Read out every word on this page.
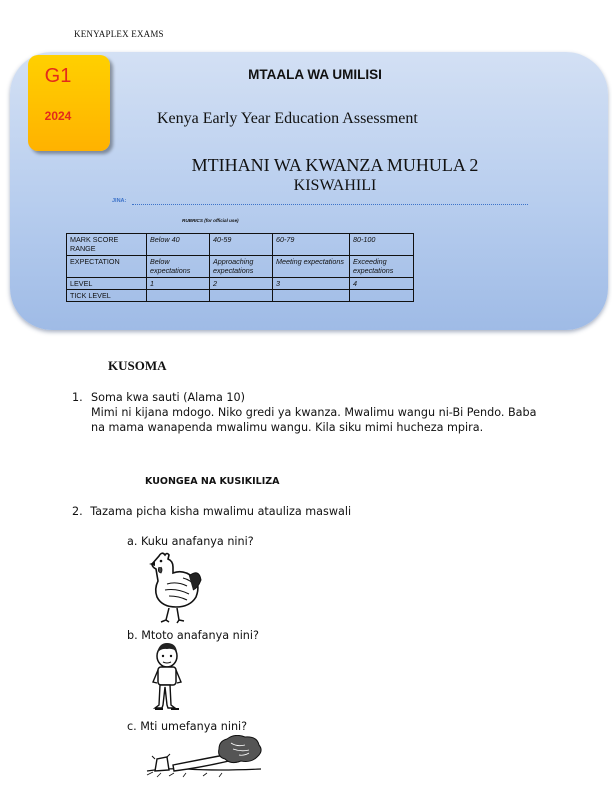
KENYAPLEX EXAMS
G1
2024
MTAALA WA UMILISI
Kenya Early Year Education Assessment
MTIHANI WA KWANZA MUHULA 2
KISWAHILI
JINA:
RUBRICS (for official use)
MARK SCORE RANGE	Below 40	40-59	60-79	80-100
EXPECTATION	Below expectations	Approaching expectations	Meeting expectations	Exceeding expectations
LEVEL	1	2	3	4
TICK LEVEL				
KUSOMA
1. Soma kwa sauti (Alama 10)
Mimi ni kijana mdogo. Niko gredi ya kwanza. Mwalimu wangu ni-Bi Pendo. Baba na mama wanapenda mwalimu wangu. Kila siku mimi hucheza mpira.
KUONGEA NA KUSIKILIZA
2. Tazama picha kisha mwalimu atauliza maswali
a. Kuku anafanya nini?
b. Mtoto anafanya nini?
c. Mti umefanya nini?
